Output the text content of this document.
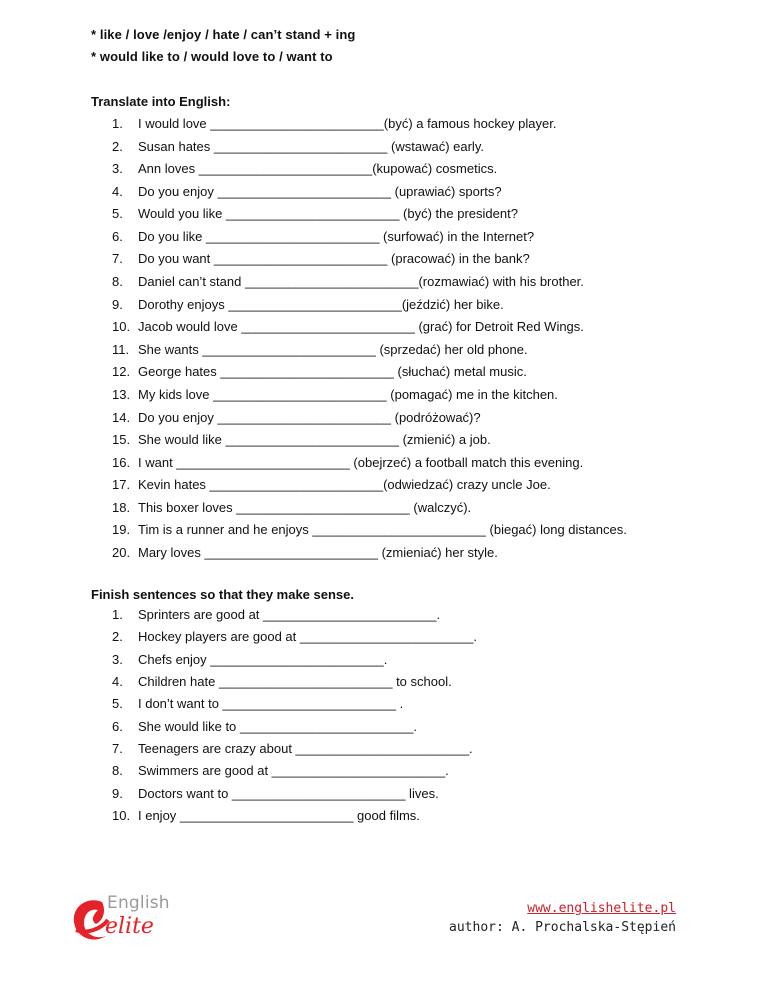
* like / love /enjoy / hate / can’t stand + ing
* would like to / would love to / want to
Translate into English:
1. I would love ________________________(być) a famous hockey player.
2. Susan hates ________________________ (wstawać) early.
3. Ann loves ________________________(kupować) cosmetics.
4. Do you enjoy ________________________ (uprawiać) sports?
5. Would you like ________________________ (być) the president?
6. Do you like ________________________ (surfować) in the Internet?
7. Do you want ________________________ (pracować) in the bank?
8. Daniel can’t stand ________________________(rozmawiać) with his brother.
9. Dorothy enjoys ________________________(jeździć) her bike.
10. Jacob would love ________________________ (grać) for Detroit Red Wings.
11. She wants ________________________ (sprzedać) her old phone.
12. George hates ________________________ (słuchać) metal music.
13. My kids love ________________________ (pomagać) me in the kitchen.
14. Do you enjoy ________________________ (podróżować)?
15. She would like ________________________ (zmienić) a job.
16. I want ________________________ (obejrzeć) a football match this evening.
17. Kevin hates ________________________(odwiedzać) crazy uncle Joe.
18. This boxer loves ________________________ (walczyć).
19. Tim is a runner and he enjoys ________________________ (biegać) long distances.
20. Mary loves ________________________ (zmieniać) her style.
Finish sentences so that they make sense.
1. Sprinters are good at ________________________.
2. Hockey players are good at ________________________.
3. Chefs enjoy ________________________.
4. Children hate ________________________ to school.
5. I don’t want to ________________________ .
6. She would like to ________________________.
7. Teenagers are crazy about ________________________.
8. Swimmers are good at ________________________.
9. Doctors want to ________________________ lives.
10. I enjoy ________________________ good films.
English
elite
www.englishelite.pl
author: A. Prochalska-Stępień
